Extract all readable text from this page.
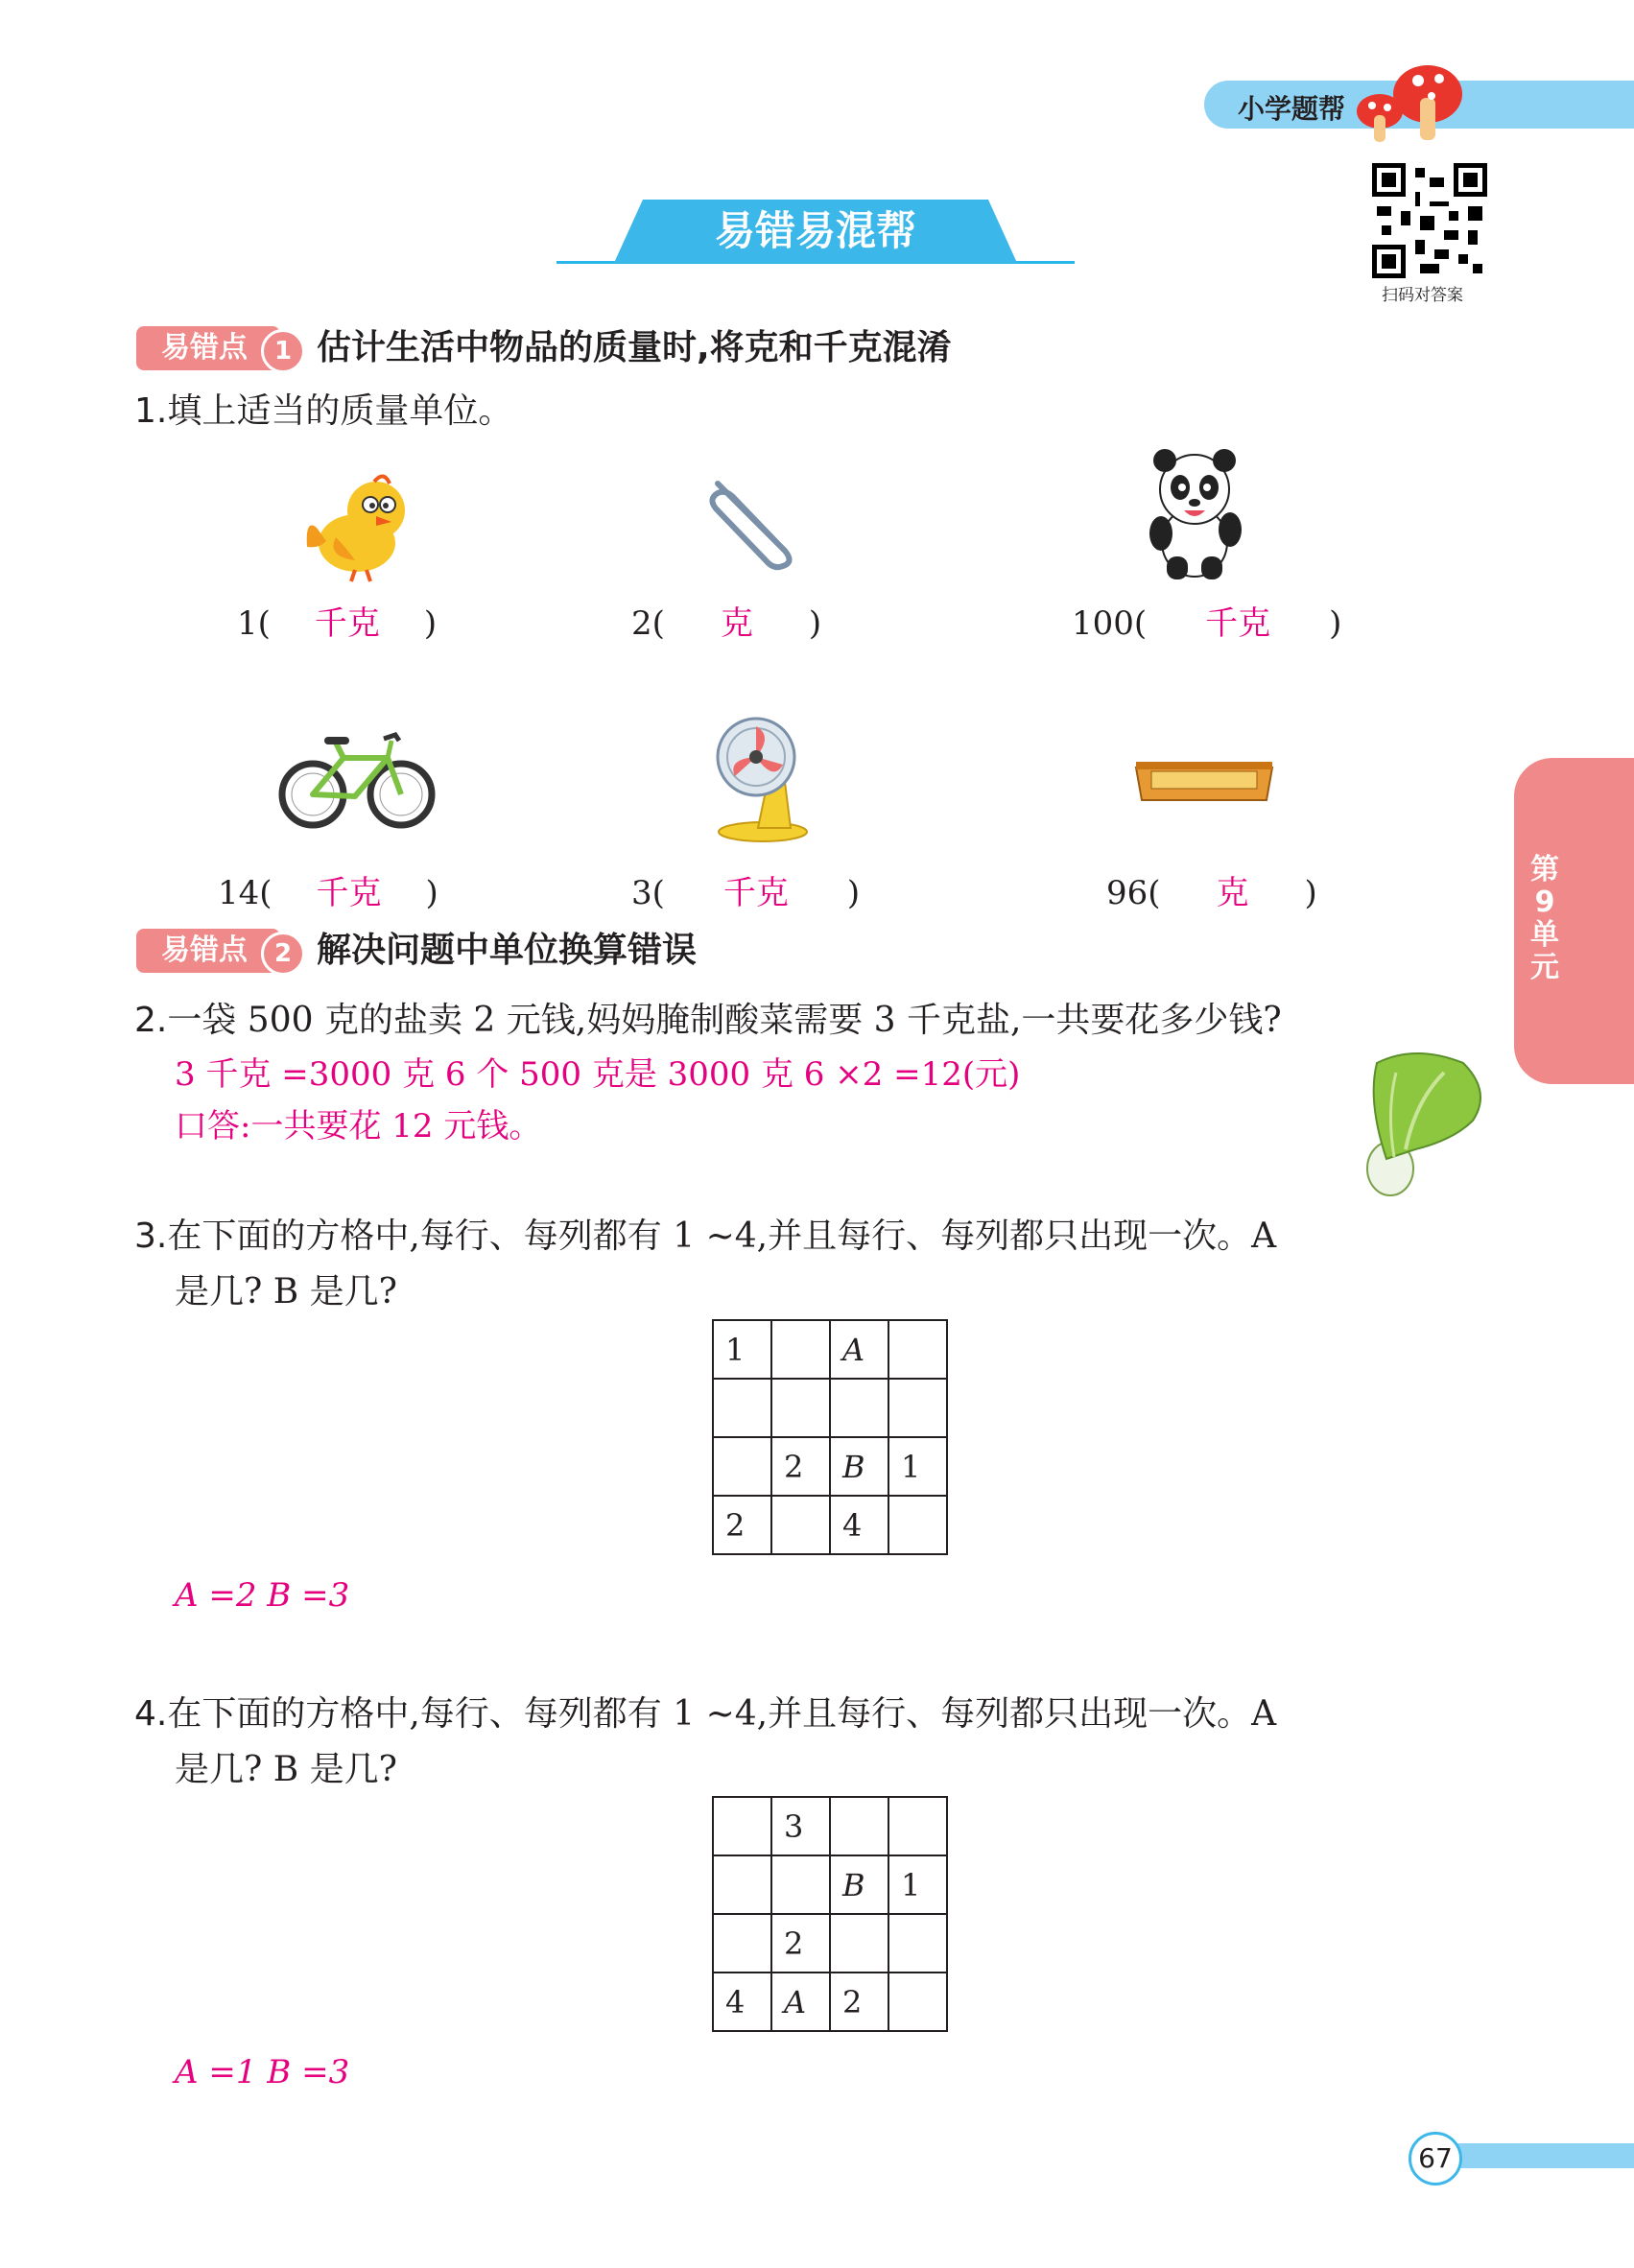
小学题帮
扫码对答案
易错易混帮
第
9
单
元
易错点	1 估计生活中物品的质量时,将克和千克混淆
1.填上适当的质量单位。
1( 千克 )	2( 克 )	100( 千克 )
14( 千克 )	3( 千克 )	96( 克 )
易错点	2 解决问题中单位换算错误
2.一袋 500 克的盐卖 2 元钱,妈妈腌制酸菜需要 3 千克盐,一共要花多少钱?
3 千克 =3000 克 6 个 500 克是 3000 克 6 ×2 =12(元)
口答:一共要花 12 元钱。
3.在下面的方格中,每行、每列都有 1 ~4,并且每行、每列都只出现一次。A
是几? B 是几?
1		A	

	2	B	1
2		4	
A =2 B =3
4.在下面的方格中,每行、每列都有 1 ~4,并且每行、每列都只出现一次。A
是几? B 是几?
	3		
		B	1
	2		
4	A	2	
A =1 B =3
67
